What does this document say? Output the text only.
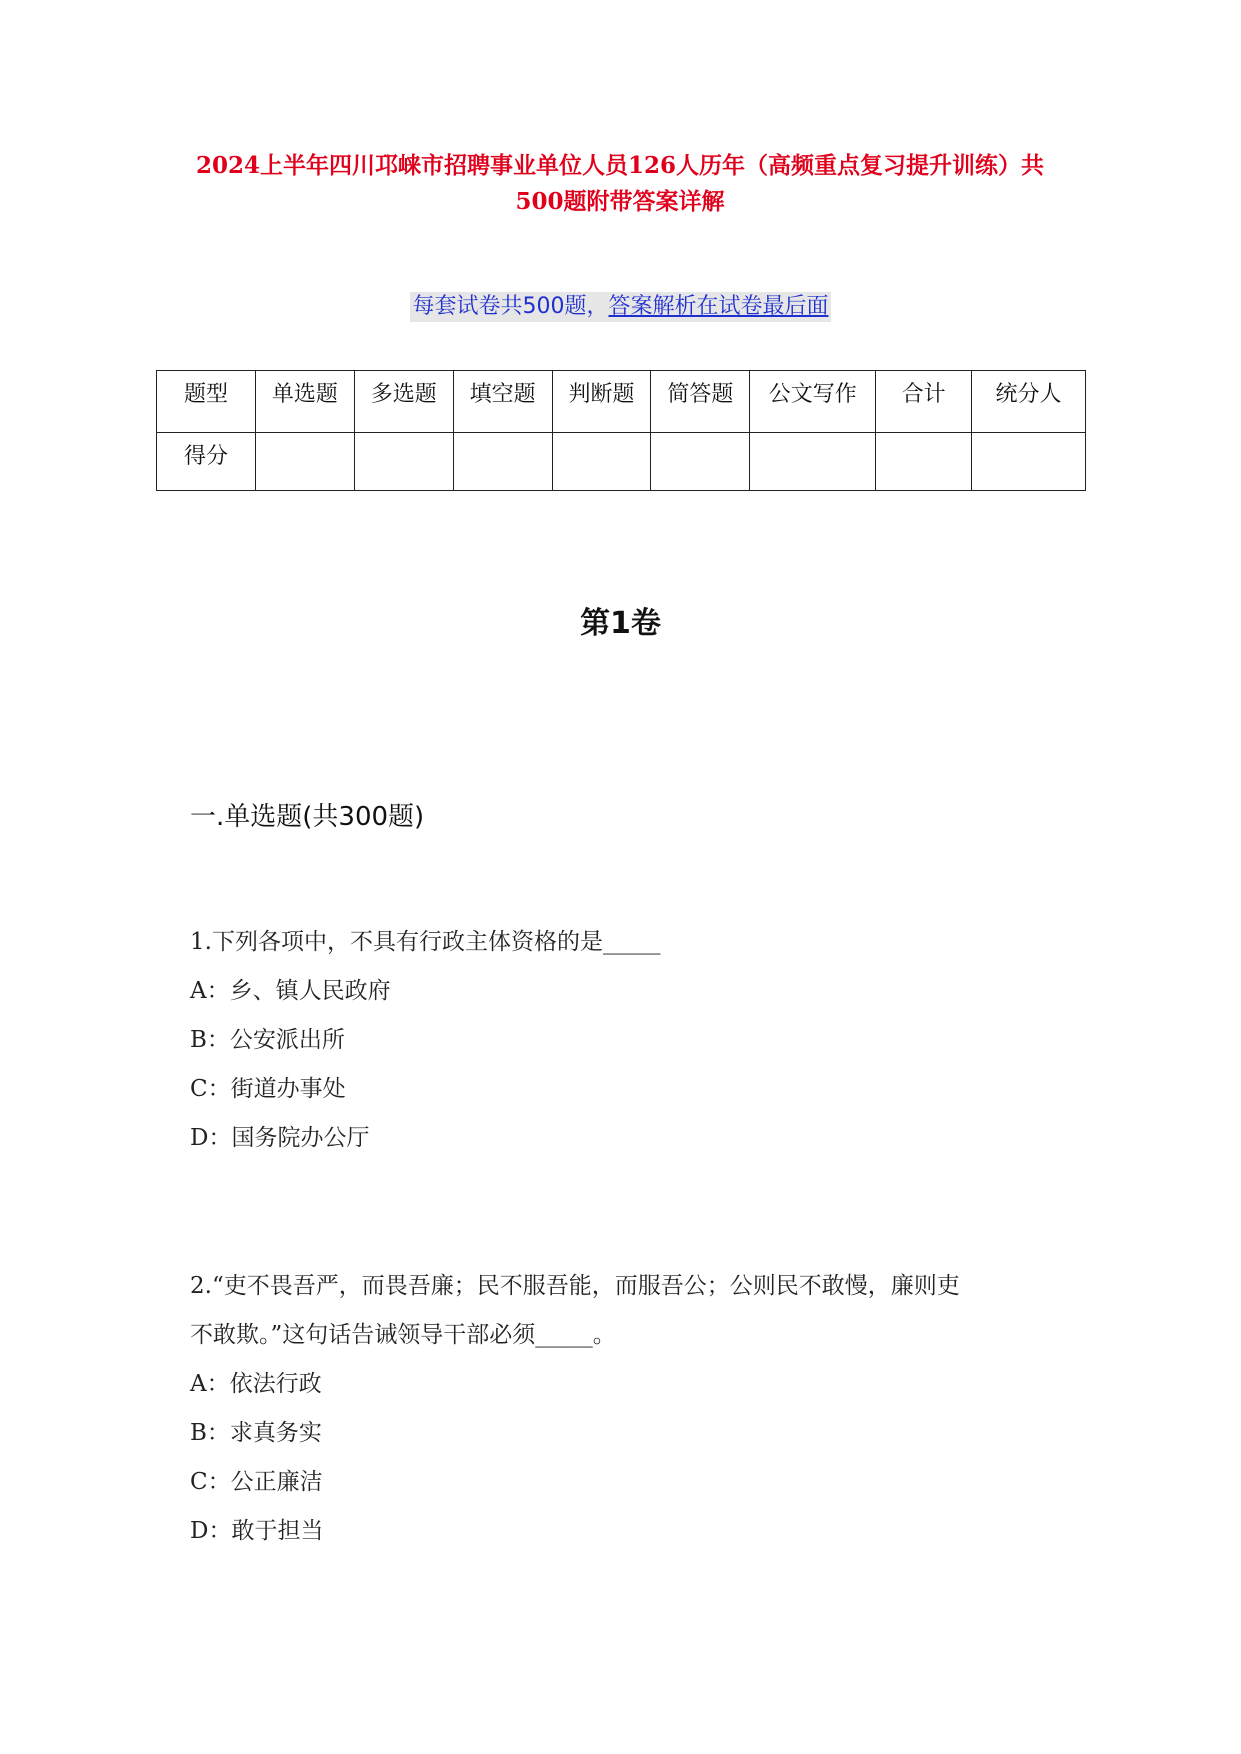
2024上半年四川邛崃市招聘事业单位人员126人历年（高频重点复习提升训练）共500题附带答案详解
每套试卷共500题，答案解析在试卷最后面
题型	单选题	多选题	填空题	判断题	简答题	公文写作	合计	统分人
得分								
第1卷
一.单选题(共300题)
1.下列各项中，不具有行政主体资格的是_____
A：乡、镇人民政府
B：公安派出所
C：街道办事处
D：国务院办公厅
2.“吏不畏吾严，而畏吾廉；民不服吾能，而服吾公；公则民不敢慢，廉则吏
不敢欺。”这句话告诫领导干部必须_____。
A：依法行政
B：求真务实
C：公正廉洁
D：敢于担当
